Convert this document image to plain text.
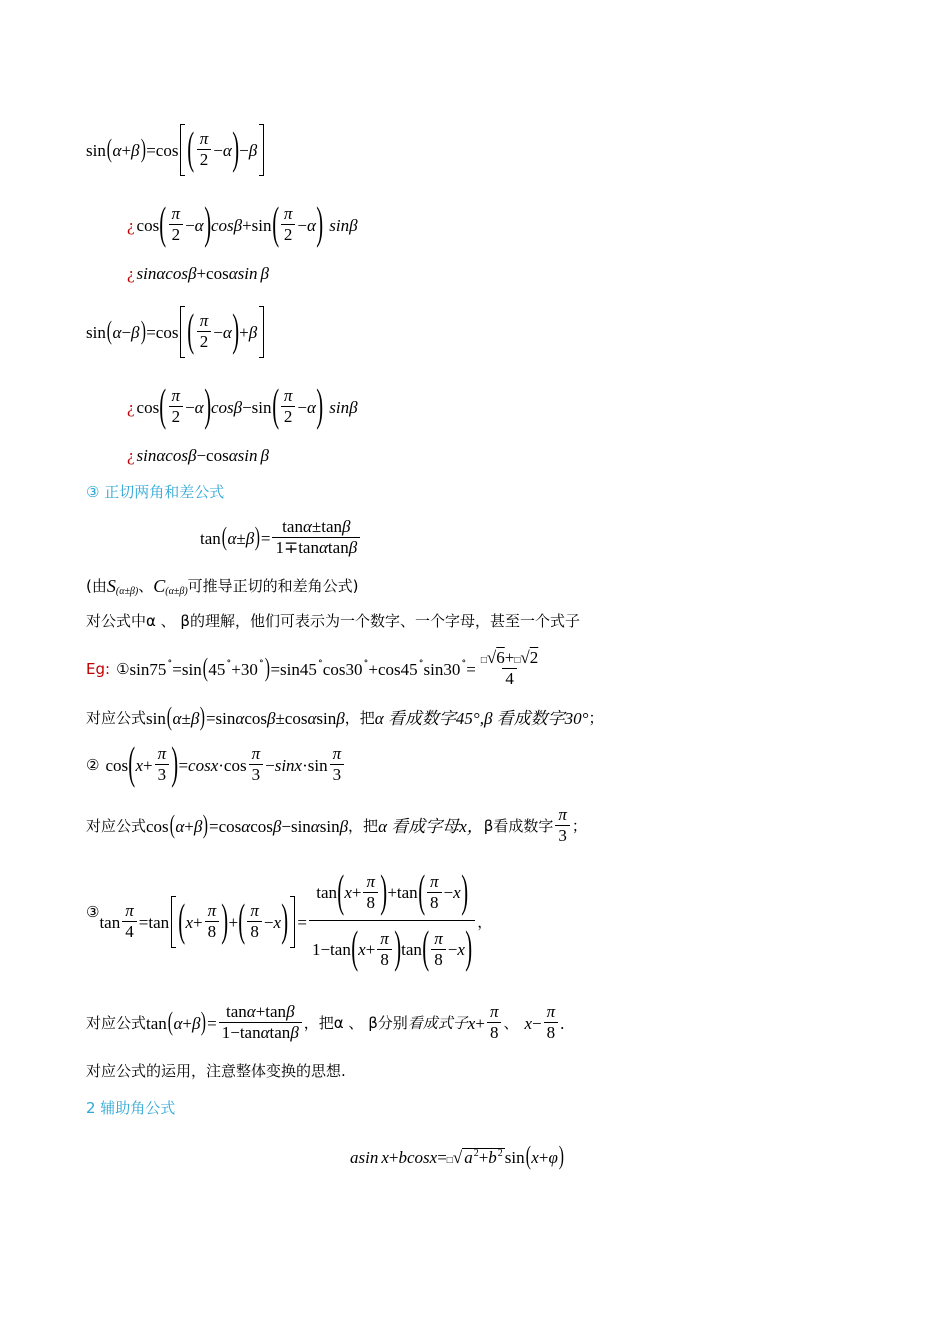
sin ( α + β ) =cos ( π
2
− α ) − β
¿ cos ( π
2
− α ) cosβ +sin ( π
2
− α ) sinβ
¿ sinαcosβ +cos α sin β
sin ( α − β ) =cos ( π
2
− α ) + β
¿ cos ( π
2
− α ) cosβ −sin ( π
2
− α ) sinβ
¿ sinαcosβ −cos α sin β
③ 正切两角和差公式
tan ( α ± β ) = $\frac{\tan\alpha\pm\tan\beta}{1\mp\tan\alpha\tan\beta}$
(由 S (α±β) 、 C (α±β) 可推导正切的和差角公式)
对公式中α 、 β的理解，他们可表示为一个数字、一个字母，甚至一个式子
Eg: ① sin75 ∘ =sin ( 45 ∘ +30 ∘ ) =sin45 ∘ cos30 ∘ +cos45 ∘ sin30 ∘ = $\frac{□√6+□√2}{4}$
对应公式 sin ( α ± β ) =sin α cos β ±cos α sin β ，把 α 看成数字45°, β 看成数字30° ；
② cos ( $x + \frac{\pi}{3}$ ) = cosx ·cos
π
3
− sinx ·sin
π
3
对应公式 cos ( α + β ) =cos α cos β −sin α sin β ，把 α 看成字母x， β看成数字
π
3
；
③
$\tan \frac{\pi}{4} =\tan$ ( $x + \frac{\pi}{8}$ ) + ( π
8
− x ) = tan ( $x + \frac{\pi}{8}$ ) +tan ( π
8
− x )
1−tan ( $x + \frac{\pi}{8}$ ) tan ( π
8
− x ) ，
对应公式 tan ( α + β ) = $\frac{\tan\alpha+\tan\beta}{1-\tan\alpha\tan\beta}$ ，把α 、 β分别 看成式子 $x + \frac{\pi}{8}$ 、 $x - \frac{\pi}{8}$ .
对应公式的运用，注意整体变换的思想.
2 辅助角公式
asin x + bcosx = □ √ $a^2+b^2$ sin ( x + φ )
